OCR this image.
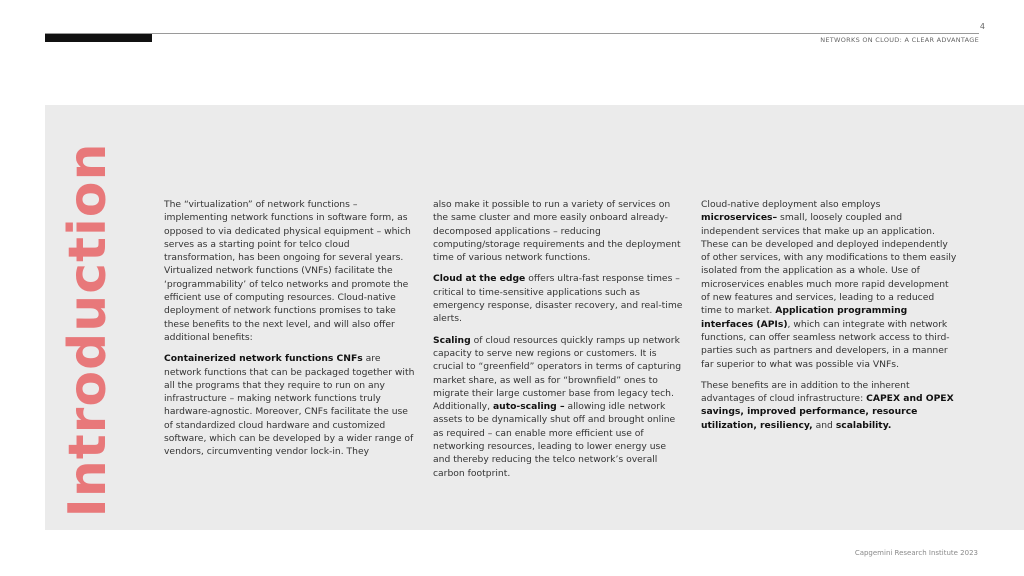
4
NETWORKS ON CLOUD: A CLEAR ADVANTAGE
Introduction	The “virtualization” of network functions – implementing network functions in software form, as opposed to via dedicated physical equipment – which serves as a starting point for telco cloud transformation, has been ongoing for several years. Virtualized network functions (VNFs) facilitate the ‘programmability’ of telco networks and promote the efficient use of computing resources. Cloud-native deployment of network functions promises to take these benefits to the next level, and will also offer additional benefits:

Containerized network functions CNFs are network functions that can be packaged together with all the programs that they require to run on any infrastructure – making network functions truly hardware-agnostic. Moreover, CNFs facilitate the use of standardized cloud hardware and customized software, which can be developed by a wider range of vendors, circumventing vendor lock-in. They

also make it possible to run a variety of services on the same cluster and more easily onboard already-decomposed applications – reducing computing/storage requirements and the deployment time of various network functions.

Cloud at the edge offers ultra-fast response times – critical to time-sensitive applications such as emergency response, disaster recovery, and real-time alerts.

Scaling of cloud resources quickly ramps up network capacity to serve new regions or customers. It is crucial to “greenfield” operators in terms of capturing market share, as well as for “brownfield” ones to migrate their large customer base from legacy tech. Additionally, auto-scaling – allowing idle network assets to be dynamically shut off and brought online as required – can enable more efficient use of networking resources, leading to lower energy use and thereby reducing the telco network’s overall carbon footprint.

Cloud-native deployment also employs microservices– small, loosely coupled and independent services that make up an application. These can be developed and deployed independently of other services, with any modifications to them easily isolated from the application as a whole. Use of microservices enables much more rapid development of new features and services, leading to a reduced time to market. Application programming interfaces (APIs), which can integrate with network functions, can offer seamless network access to third-parties such as partners and developers, in a manner far superior to what was possible via VNFs.

These benefits are in addition to the inherent advantages of cloud infrastructure: CAPEX and OPEX savings, improved performance, resource utilization, resiliency, and scalability.

Capgemini Research Institute 2023
